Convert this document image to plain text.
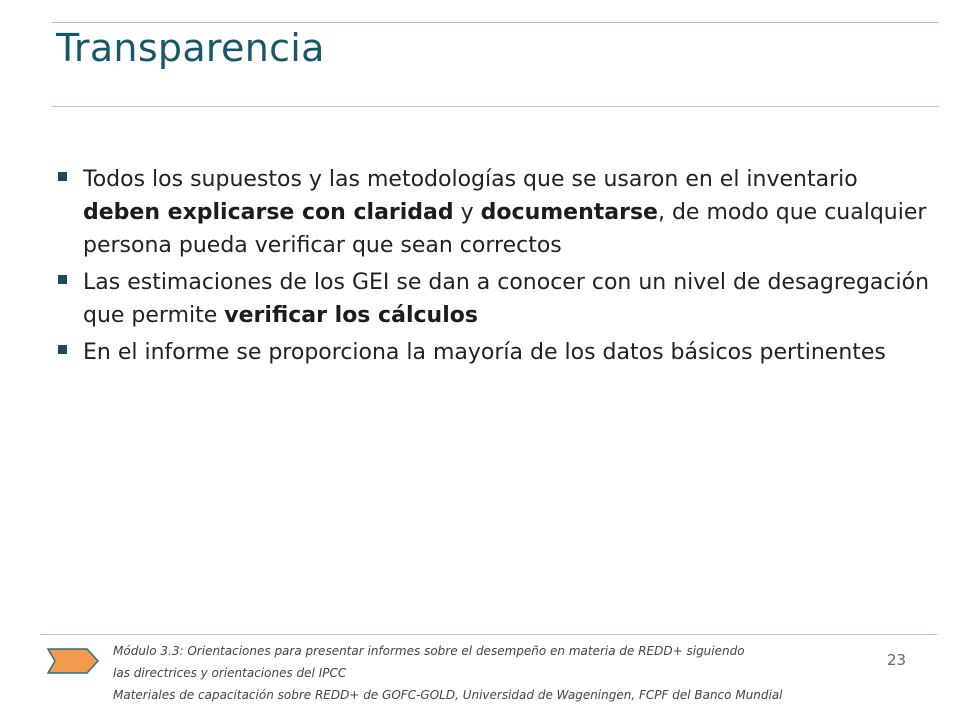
Transparencia
Todos los supuestos y las metodologías que se usaron en el inventario deben explicarse con claridad y documentarse, de modo que cualquier persona pueda verificar que sean correctos
Las estimaciones de los GEI se dan a conocer con un nivel de desagregación que permite verificar los cálculos
En el informe se proporciona la mayoría de los datos básicos pertinentes
Módulo 3.3: Orientaciones para presentar informes sobre el desempeño en materia de REDD+ siguiendo
las directrices y orientaciones del IPCC
Materiales de capacitación sobre REDD+ de GOFC-GOLD, Universidad de Wageningen, FCPF del Banco Mundial
23
